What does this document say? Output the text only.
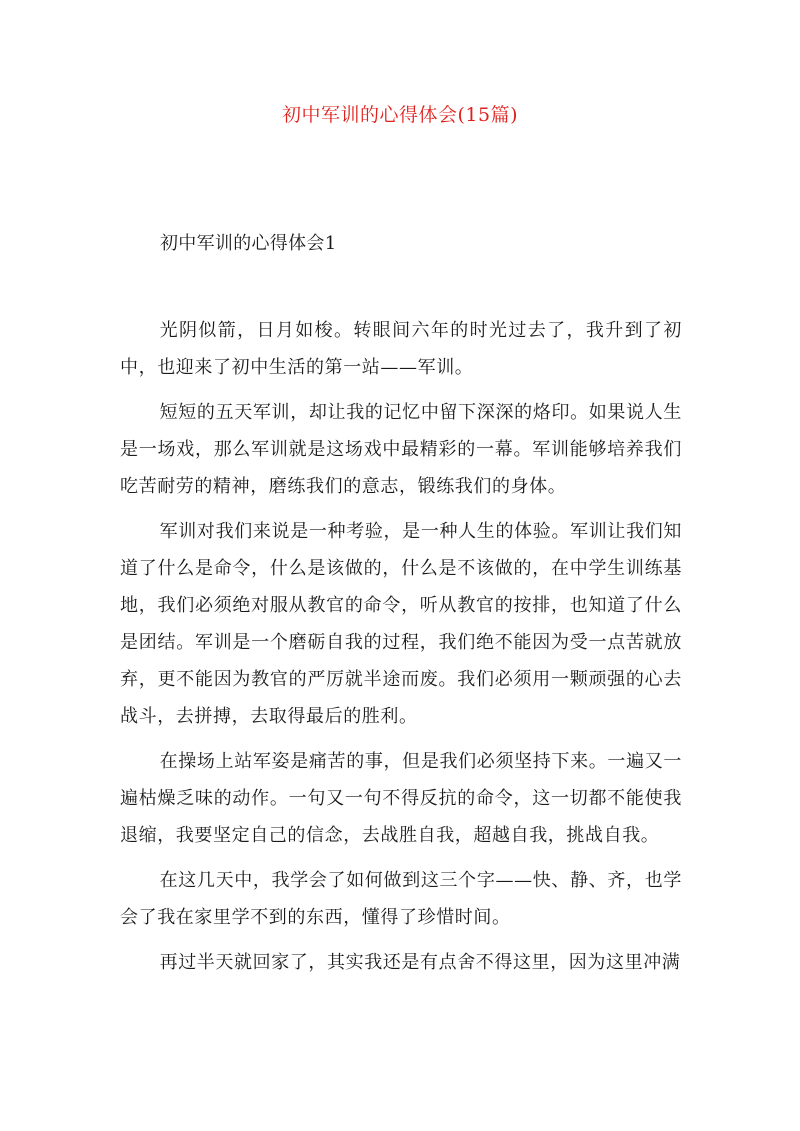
初中军训的心得体会(15篇)
初中军训的心得体会1

光阴似箭，日月如梭。转眼间六年的时光过去了，我升到了初中，也迎来了初中生活的第一站——军训。

短短的五天军训，却让我的记忆中留下深深的烙印。如果说人生是一场戏，那么军训就是这场戏中最精彩的一幕。军训能够培养我们吃苦耐劳的精神，磨练我们的意志，锻练我们的身体。

军训对我们来说是一种考验，是一种人生的体验。军训让我们知道了什么是命令，什么是该做的，什么是不该做的，在中学生训练基地，我们必须绝对服从教官的命令，听从教官的按排，也知道了什么是团结。军训是一个磨砺自我的过程，我们绝不能因为受一点苦就放弃，更不能因为教官的严厉就半途而废。我们必须用一颗顽强的心去战斗，去拼搏，去取得最后的胜利。

在操场上站军姿是痛苦的事，但是我们必须坚持下来。一遍又一遍枯燥乏味的动作。一句又一句不得反抗的命令，这一切都不能使我退缩，我要坚定自己的信念，去战胜自我，超越自我，挑战自我。

在这几天中，我学会了如何做到这三个字——快、静、齐，也学会了我在家里学不到的东西，懂得了珍惜时间。

再过半天就回家了，其实我还是有点舍不得这里，因为这里冲满
